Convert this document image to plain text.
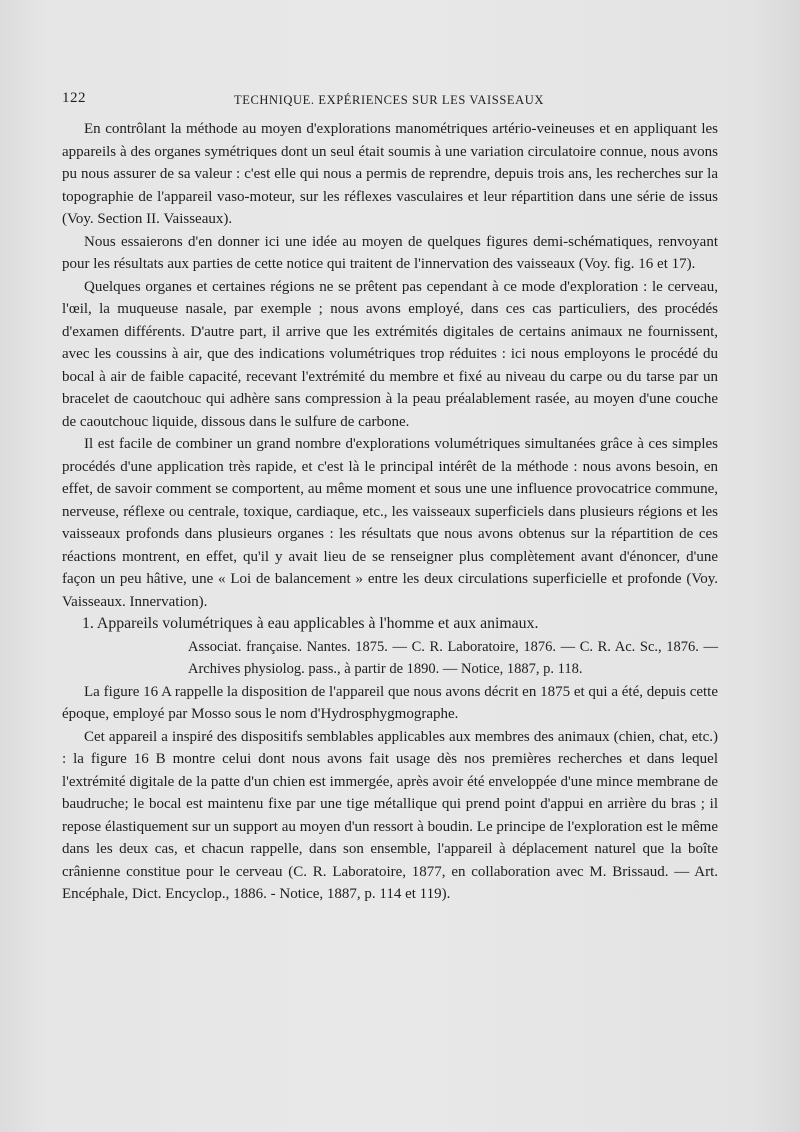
122	TECHNIQUE. EXPÉRIENCES SUR LES VAISSEAUX

En contrôlant la méthode au moyen d'explorations manométriques artério-veineuses et en appliquant les appareils à des organes symétriques dont un seul était soumis à une variation circulatoire connue, nous avons pu nous assurer de sa valeur : c'est elle qui nous a permis de reprendre, depuis trois ans, les recherches sur la topographie de l'appareil vaso-moteur, sur les réflexes vasculaires et leur répartition dans une série de issus (Voy. Section II. Vaisseaux).

Nous essaierons d'en donner ici une idée au moyen de quelques figures demi-schématiques, renvoyant pour les résultats aux parties de cette notice qui traitent de l'innervation des vaisseaux (Voy. fig. 16 et 17).

Quelques organes et certaines régions ne se prêtent pas cependant à ce mode d'exploration : le cerveau, l'œil, la muqueuse nasale, par exemple ; nous avons employé, dans ces cas particuliers, des procédés d'examen différents. D'autre part, il arrive que les extrémités digitales de certains animaux ne fournissent, avec les coussins à air, que des indications volumétriques trop réduites : ici nous employons le procédé du bocal à air de faible capacité, recevant l'extrémité du membre et fixé au niveau du carpe ou du tarse par un bracelet de caoutchouc qui adhère sans compression à la peau préalablement rasée, au moyen d'une couche de caoutchouc liquide, dissous dans le sulfure de carbone.

Il est facile de combiner un grand nombre d'explorations volumétriques simultanées grâce à ces simples procédés d'une application très rapide, et c'est là le principal intérêt de la méthode : nous avons besoin, en effet, de savoir comment se comportent, au même moment et sous une une influence provocatrice commune, nerveuse, réflexe ou centrale, toxique, cardiaque, etc., les vaisseaux superficiels dans plusieurs régions et les vaisseaux profonds dans plusieurs organes : les résultats que nous avons obtenus sur la répartition de ces réactions montrent, en effet, qu'il y avait lieu de se renseigner plus complètement avant d'énoncer, d'une façon un peu hâtive, une « Loi de balancement » entre les deux circulations superficielle et profonde (Voy. Vaisseaux. Innervation).

1. Appareils volumétriques à eau applicables à l'homme et aux animaux.

Associat. française. Nantes. 1875. — C. R. Laboratoire, 1876. — C. R. Ac. Sc., 1876. — Archives physiolog. pass., à partir de 1890. — Notice, 1887, p. 118.

La figure 16 A rappelle la disposition de l'appareil que nous avons décrit en 1875 et qui a été, depuis cette époque, employé par Mosso sous le nom d'Hydrosphygmographe.

Cet appareil a inspiré des dispositifs semblables applicables aux membres des animaux (chien, chat, etc.) : la figure 16 B montre celui dont nous avons fait usage dès nos premières recherches et dans lequel l'extrémité digitale de la patte d'un chien est immergée, après avoir été enveloppée d'une mince membrane de baudruche; le bocal est maintenu fixe par une tige métallique qui prend point d'appui en arrière du bras ; il repose élastiquement sur un support au moyen d'un ressort à boudin. Le principe de l'exploration est le même dans les deux cas, et chacun rappelle, dans son ensemble, l'appareil à déplacement naturel que la boîte crânienne constitue pour le cerveau (C. R. Laboratoire, 1877, en collaboration avec M. Brissaud. — Art. Encéphale, Dict. Encyclop., 1886. - Notice, 1887, p. 114 et 119).
